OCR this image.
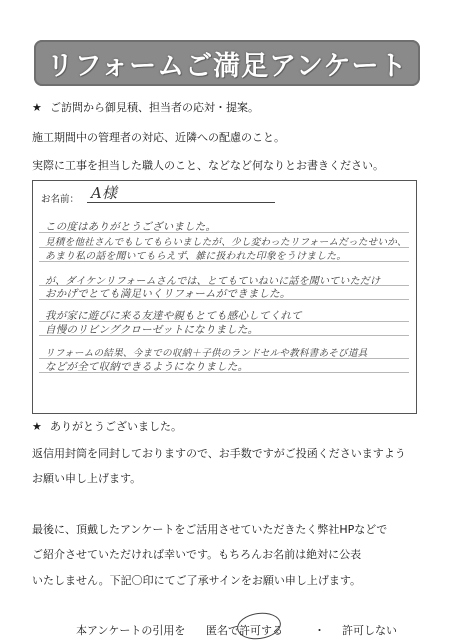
リフォームご満足アンケート
★ ご訪問から御見積、担当者の応対・提案。
施工期間中の管理者の対応、近隣への配慮のこと。
実際に工事を担当した職人のこと、などなど何なりとお書きください。
お名前： A様
この度はありがとうございました。
見積を他社さんでもしてもらいましたが、少し変わったリフォームだったせいか、
あまり私の話を聞いてもらえず、雑に扱われた印象をうけました。
が、ダイケンリフォームさんでは、とてもていねいに話を聞いていただけ
おかげでとても満足いくリフォームができました。
我が家に遊びに来る友達や親もとても感心してくれて
自慢のリビングクローゼットになりました。
リフォームの結果、今までの収納＋子供のランドセルや教科書あそび道具
などが全て収納できるようになりました。
★ ありがとうございました。
返信用封筒を同封しておりますので、お手数ですがご投函くださいますよう
お願い申し上げます。
最後に、頂戴したアンケートをご活用させていただきたく弊社HPなどで
ご紹介させていただければ幸いです。もちろんお名前は絶対に公表
いたしません。下記〇印にてご了承サインをお願い申し上げます。
本アンケートの引用を 匿名で許可する	・ 許可しない
